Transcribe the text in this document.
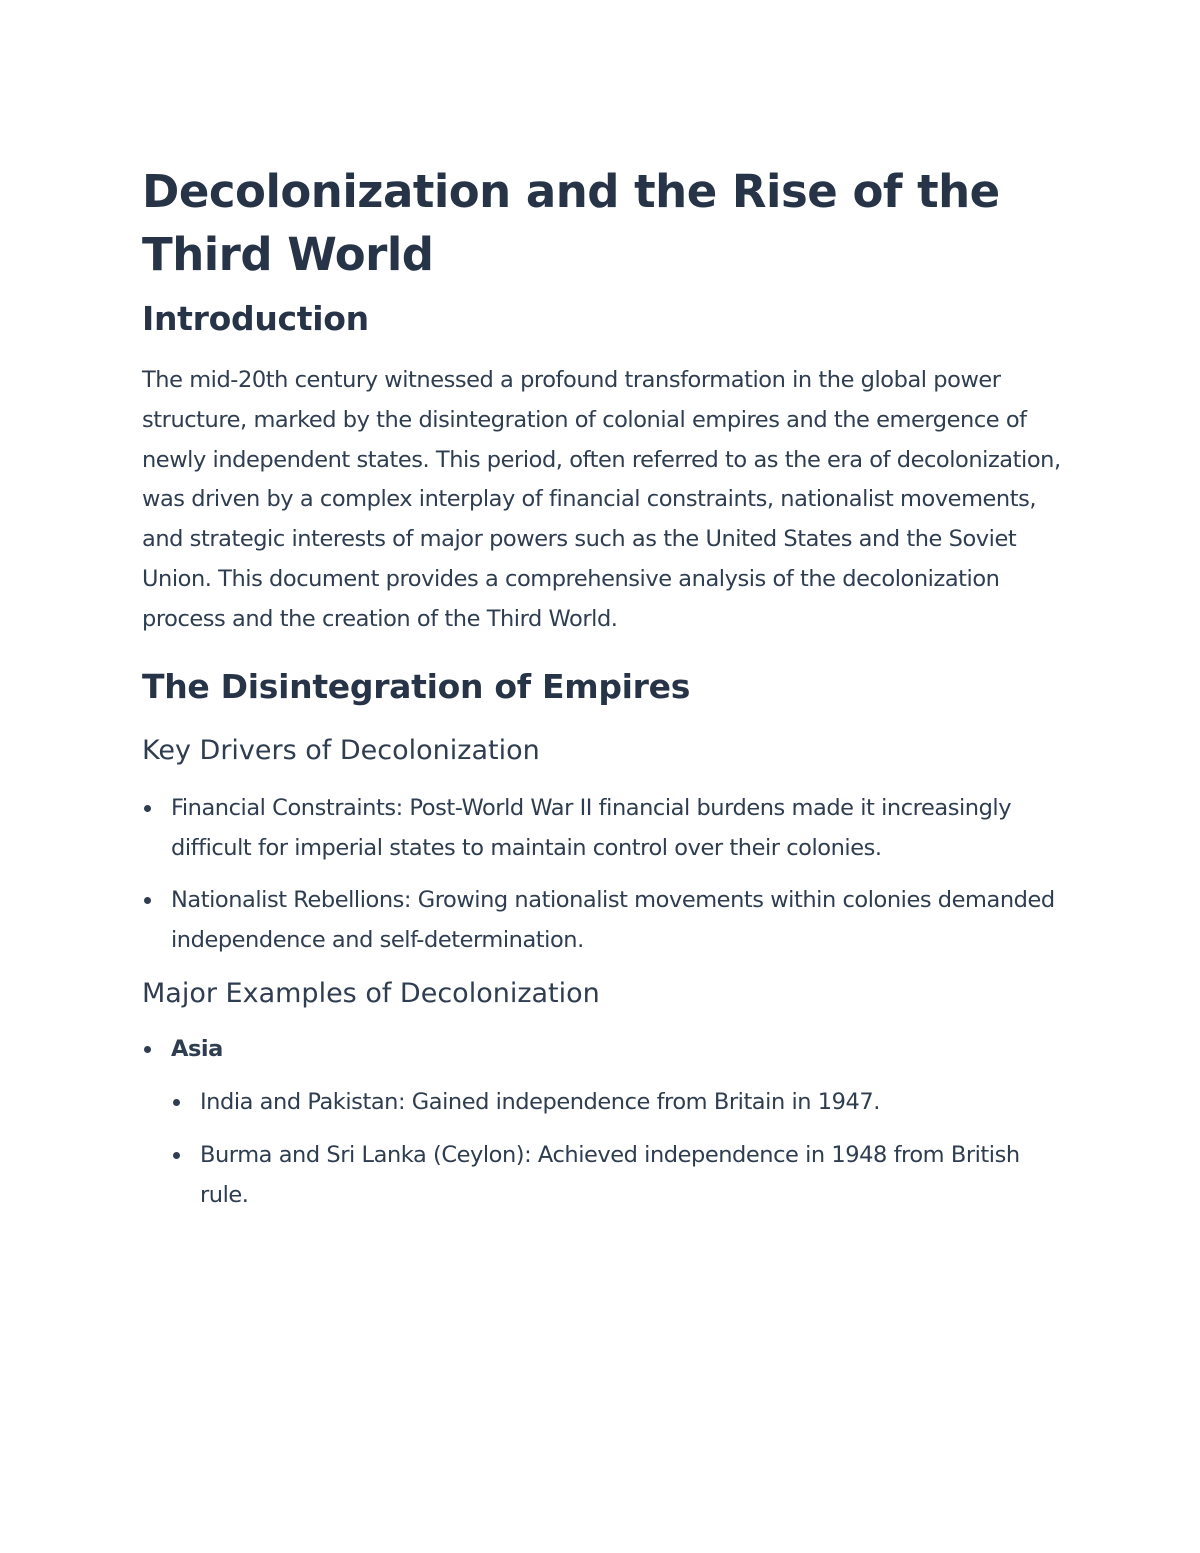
Decolonization and the Rise of the Third World
Introduction

The mid-20th century witnessed a profound transformation in the global power structure, marked by the disintegration of colonial empires and the emergence of newly independent states. This period, often referred to as the era of decolonization, was driven by a complex interplay of financial constraints, nationalist movements, and strategic interests of major powers such as the United States and the Soviet Union. This document provides a comprehensive analysis of the decolonization process and the creation of the Third World.

The Disintegration of Empires
Key Drivers of Decolonization
Financial Constraints: Post-World War II financial burdens made it increasingly difficult for imperial states to maintain control over their colonies.
Nationalist Rebellions: Growing nationalist movements within colonies demanded independence and self-determination.
Major Examples of Decolonization
Asia
India and Pakistan: Gained independence from Britain in 1947.
Burma and Sri Lanka (Ceylon): Achieved independence in 1948 from British rule.
